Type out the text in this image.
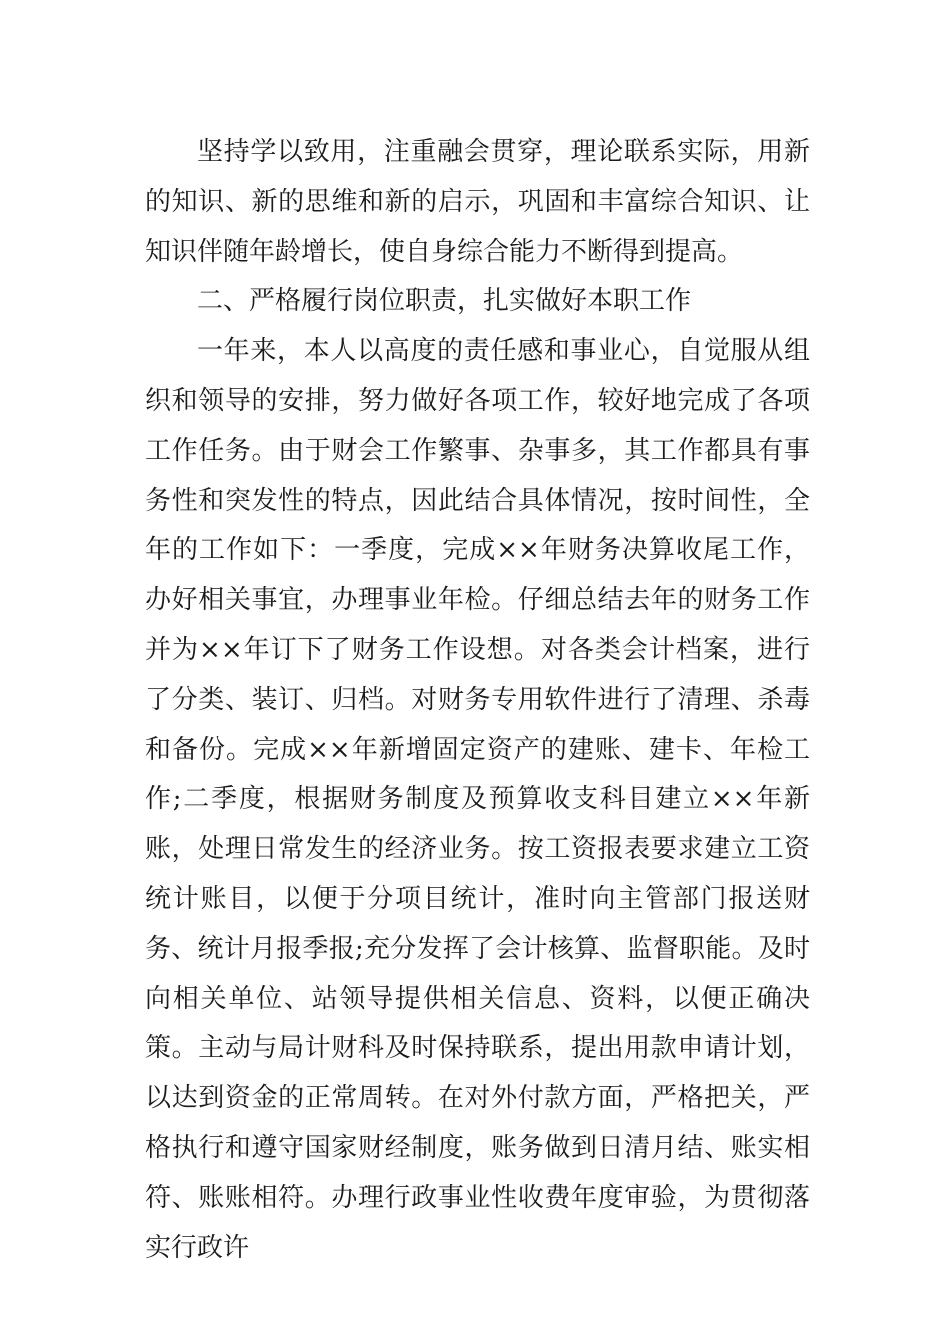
坚持学以致用，注重融会贯穿，理论联系实际，用新的知识、新的思维和新的启示，巩固和丰富综合知识、让知识伴随年龄增长，使自身综合能力不断得到提高。

二、严格履行岗位职责，扎实做好本职工作

一年来，本人以高度的责任感和事业心，自觉服从组织和领导的安排，努力做好各项工作，较好地完成了各项工作任务。由于财会工作繁事、杂事多，其工作都具有事务性和突发性的特点，因此结合具体情况，按时间性，全年的工作如下：一季度，完成××年财务决算收尾工作，办好相关事宜，办理事业年检。仔细总结去年的财务工作并为××年订下了财务工作设想。对各类会计档案，进行了分类、装订、归档。对财务专用软件进行了清理、杀毒和备份。完成××年新增固定资产的建账、建卡、年检工作;二季度，根据财务制度及预算收支科目建立××年新账，处理日常发生的经济业务。按工资报表要求建立工资统计账目，以便于分项目统计，准时向主管部门报送财务、统计月报季报;充分发挥了会计核算、监督职能。及时向相关单位、站领导提供相关信息、资料，以便正确决策。主动与局计财科及时保持联系，提出用款申请计划，以达到资金的正常周转。在对外付款方面，严格把关，严格执行和遵守国家财经制度，账务做到日清月结、账实相符、账账相符。办理行政事业性收费年度审验，为贯彻落实行政许
